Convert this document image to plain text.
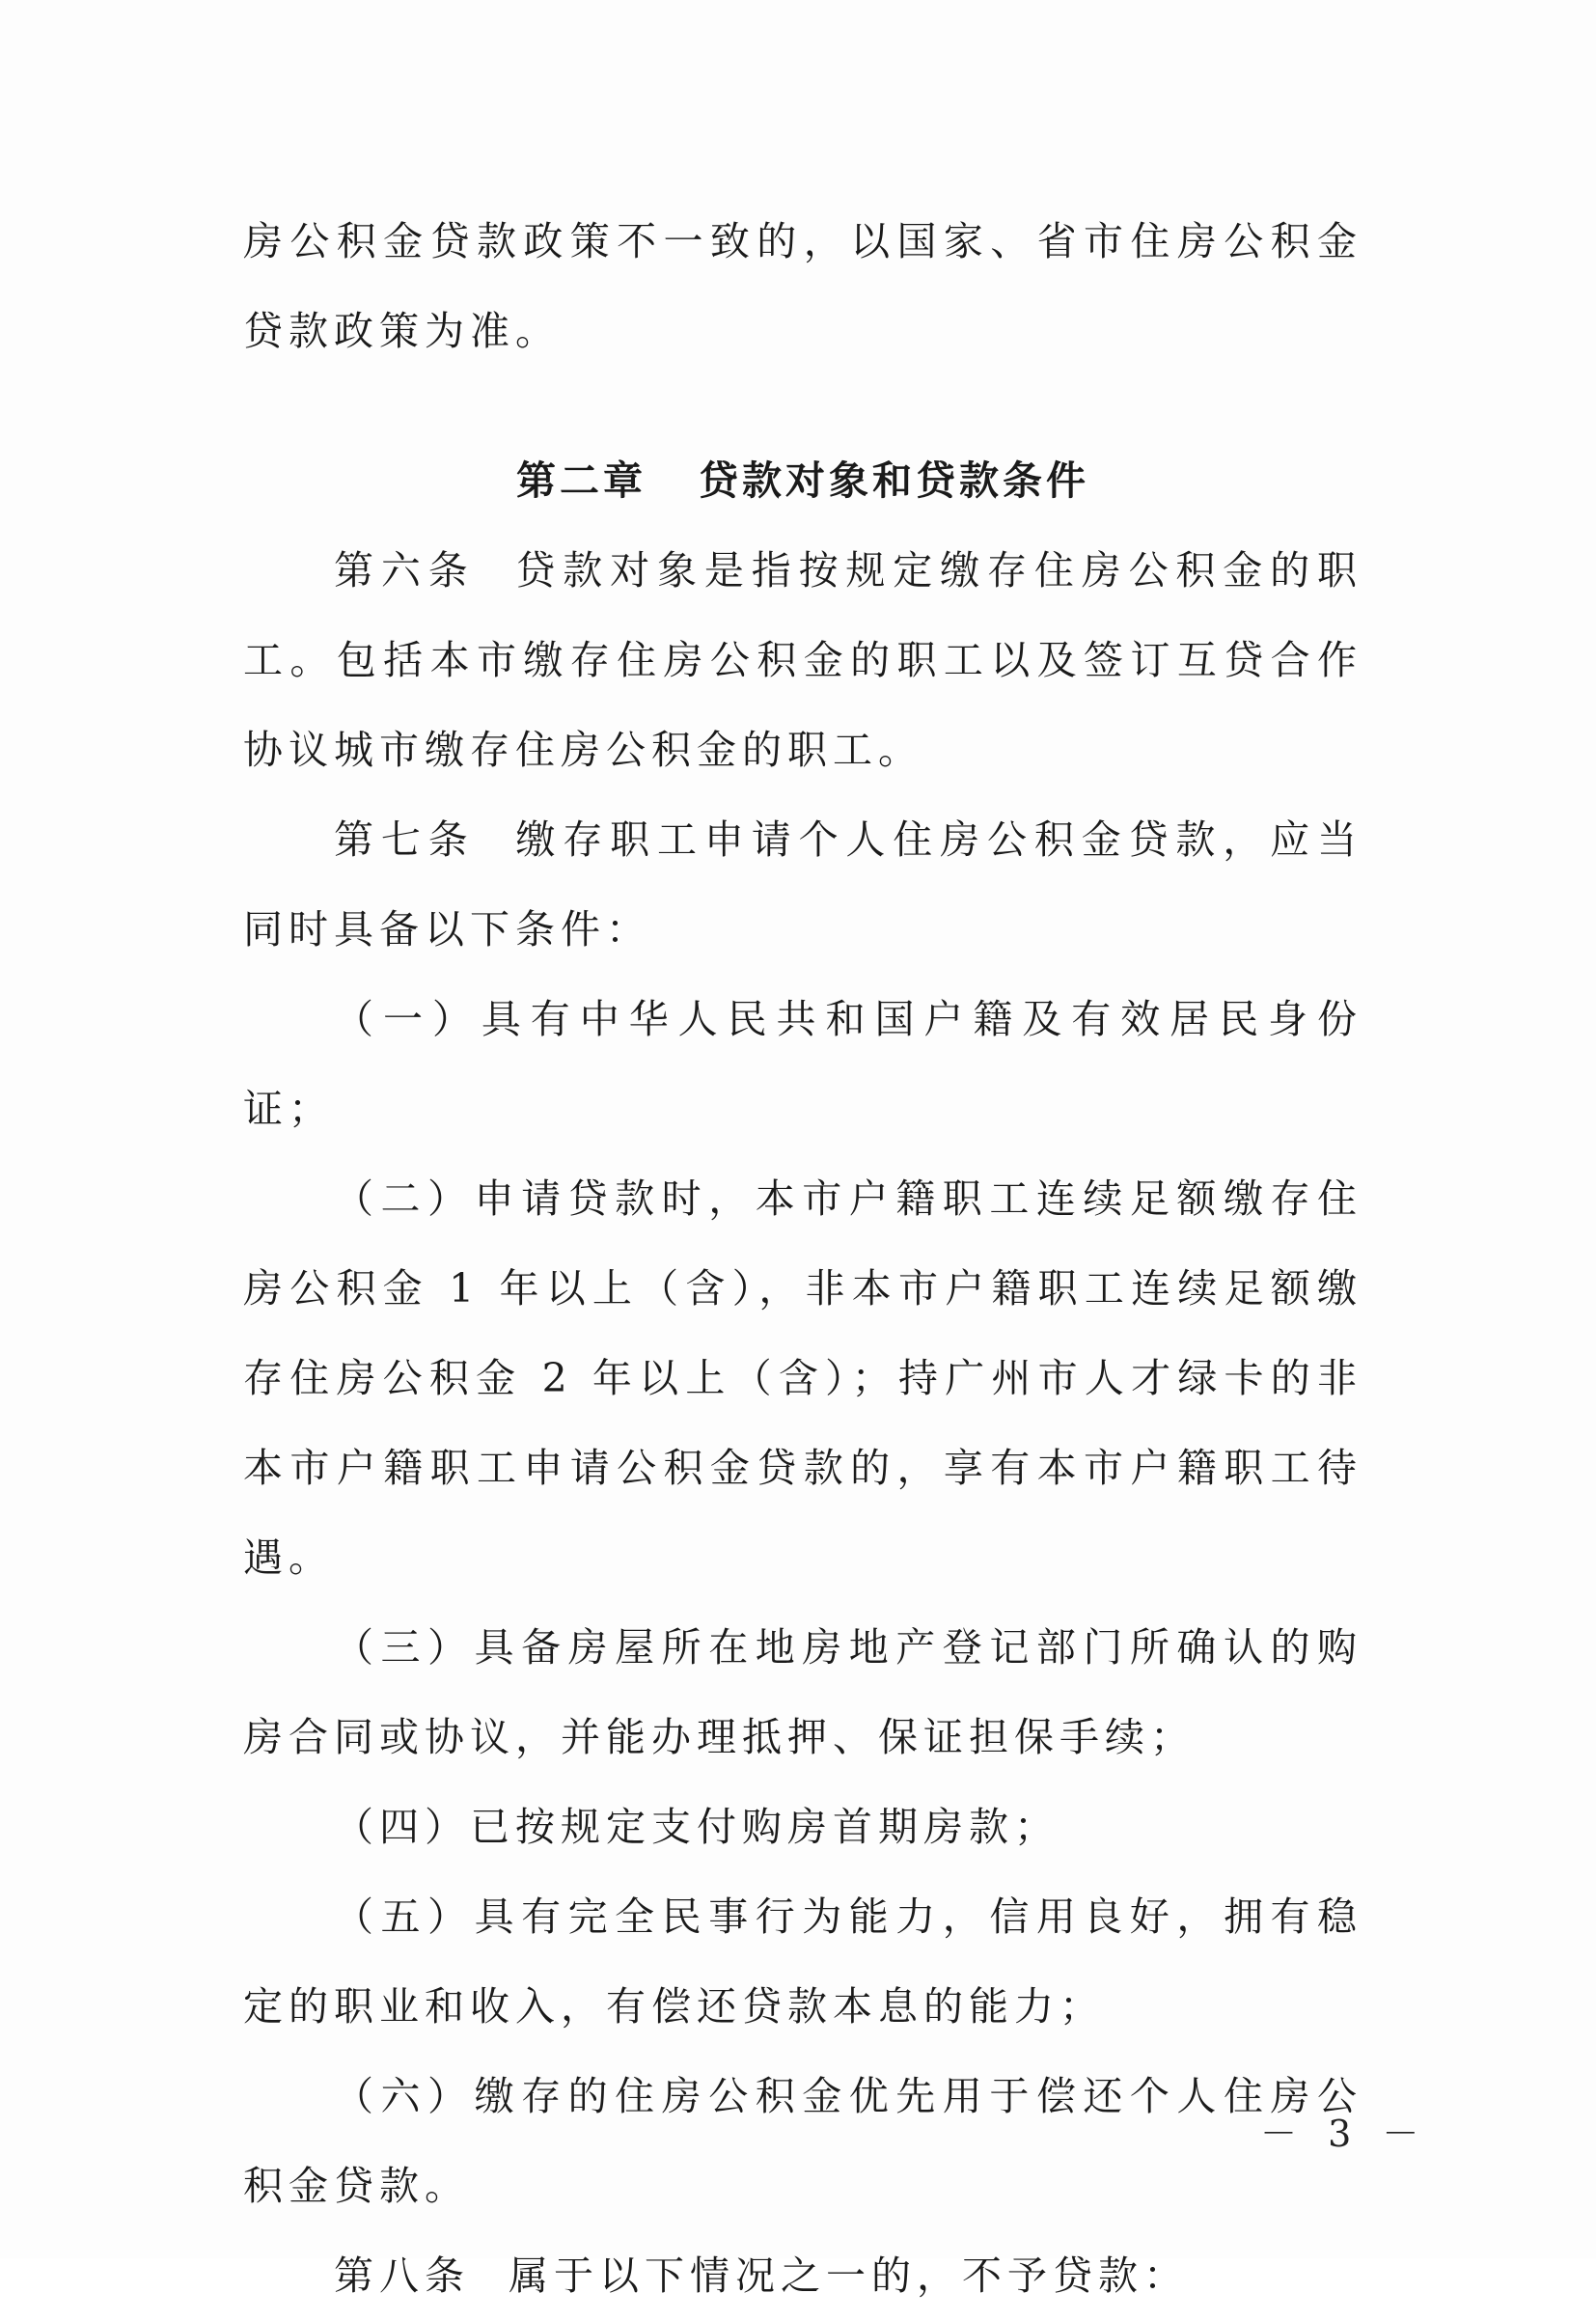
房公积金贷款政策不一致的，以国家、省市住房公积金贷款政策为准。

第二章 贷款对象和贷款条件

第六条 贷款对象是指按规定缴存住房公积金的职工。包括本市缴存住房公积金的职工以及签订互贷合作协议城市缴存住房公积金的职工。

第七条 缴存职工申请个人住房公积金贷款，应当同时具备以下条件：

（一）具有中华人民共和国户籍及有效居民身份证；

（二）申请贷款时，本市户籍职工连续足额缴存住房公积金 1 年以上（含），非本市户籍职工连续足额缴存住房公积金 2 年以上（含）；持广州市人才绿卡的非本市户籍职工申请公积金贷款的，享有本市户籍职工待遇。

（三）具备房屋所在地房地产登记部门所确认的购房合同或协议，并能办理抵押、保证担保手续；

（四）已按规定支付购房首期房款；

（五）具有完全民事行为能力，信用良好，拥有稳定的职业和收入，有偿还贷款本息的能力；

（六）缴存的住房公积金优先用于偿还个人住房公积金贷款。

第八条 属于以下情况之一的，不予贷款：

－ 3 －
